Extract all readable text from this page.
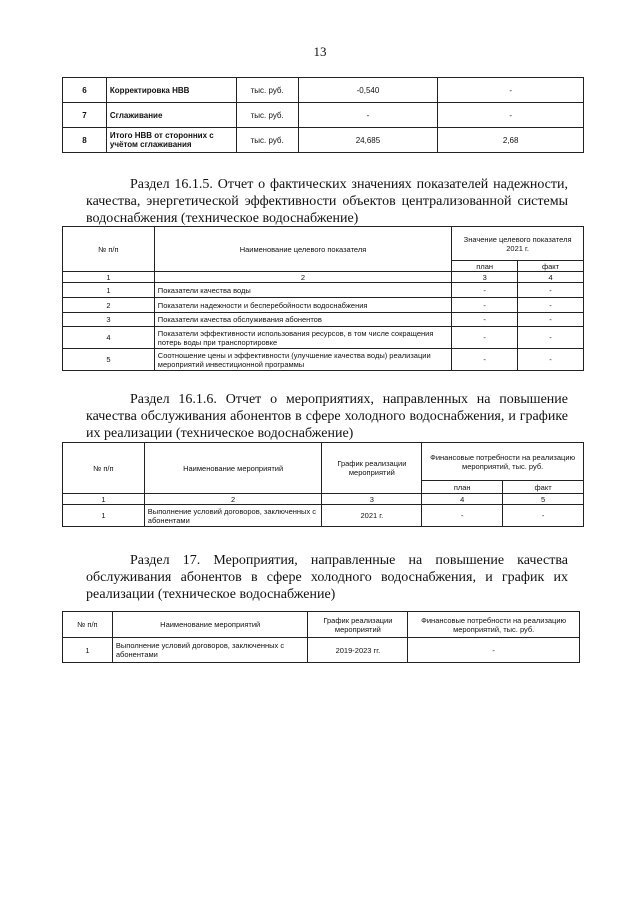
13
6	Корректировка НВВ	тыс. руб.	-0,540	-
7	Сглаживание	тыс. руб.	-	-
8	Итого НВВ от сторонних с учётом сглаживания	тыс. руб.	24,685	2,68

Раздел 16.1.5. Отчет о фактических значениях показателей надежности, качества, энергетической эффективности объектов централизованной системы водоснабжения (техническое водоснабжение)

№ п/п	Наименование целевого показателя	Значение целевого показателя 2021 г.	
		план	факт
1	2	3	4
1	Показатели качества воды	-	-
2	Показатели надежности и бесперебойности водоснабжения	-	-
3	Показатели качества обслуживания абонентов	-	-
4	Показатели эффективности использования ресурсов, в том числе сокращения потерь воды при транспортировке	-	-
5	Соотношение цены и эффективности (улучшение качества воды) реализации мероприятий инвестиционной программы	-	-

Раздел 16.1.6. Отчет о мероприятиях, направленных на повышение качества обслуживания абонентов в сфере холодного водоснабжения, и графике их реализации (техническое водоснабжение)

№ п/п	Наименование мероприятий	График реализации мероприятий	Финансовые потребности на реализацию мероприятий, тыс. руб.	
			план	факт
1	2	3	4	5
1	Выполнение условий договоров, заключенных с абонентами	2021 г.	-	-

Раздел 17. Мероприятия, направленные на повышение качества обслуживания абонентов в сфере холодного водоснабжения, и график их реализации (техническое водоснабжение)

№ п/п	Наименование мероприятий	График реализации мероприятий	Финансовые потребности на реализацию мероприятий, тыс. руб.
1	Выполнение условий договоров, заключенных с абонентами	2019-2023 гг.	-
